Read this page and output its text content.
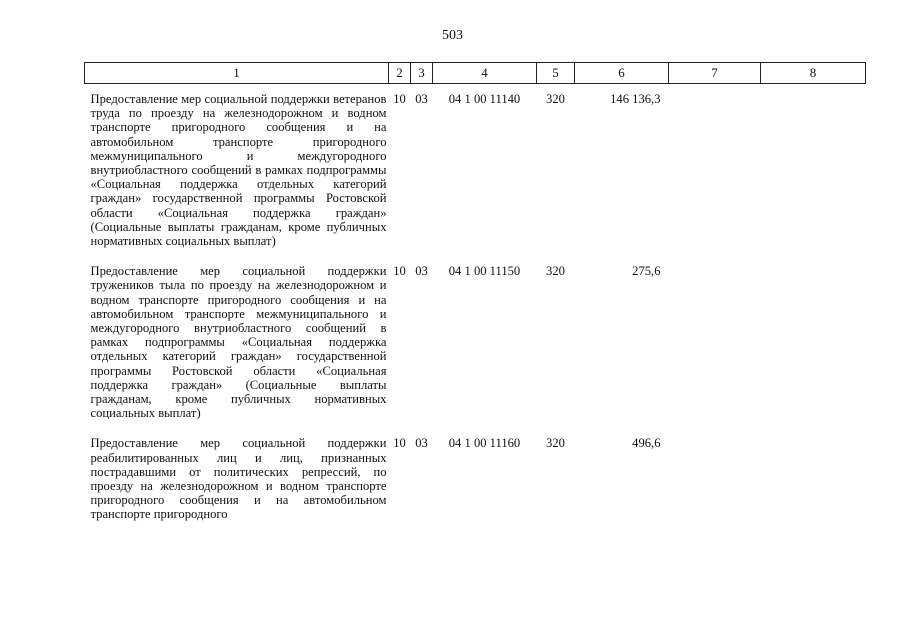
503
1	2	3	4	5	6	7	8
Предоставление мер социальной поддержки ветеранов труда по проезду на железнодорожном и водном транспорте пригородного сообщения и на автомобильном транспорте пригородного межмуниципального и междугородного внутриобластного сообщений в рамках подпрограммы «Социальная поддержка отдельных категорий граждан» государственной программы Ростовской области «Социальная поддержка граждан» (Социальные выплаты гражданам, кроме публичных нормативных социальных выплат)	10	03	04 1 00 11140	320	146 136,3		
Предоставление мер социальной поддержки тружеников тыла по проезду на железнодорожном и водном транспорте пригородного сообщения и на автомобильном транспорте межмуниципального и междугородного внутриобластного сообщений в рамках подпрограммы «Социальная поддержка отдельных категорий граждан» государственной программы Ростовской области «Социальная поддержка граждан» (Социальные выплаты гражданам, кроме публичных нормативных социальных выплат)	10	03	04 1 00 11150	320	275,6		
Предоставление мер социальной поддержки реабилитированных лиц и лиц, признанных пострадавшими от политических репрессий, по проезду на железнодорожном и водном транспорте пригородного сообщения и на автомобильном транспорте пригородного	10	03	04 1 00 11160	320	496,6		
